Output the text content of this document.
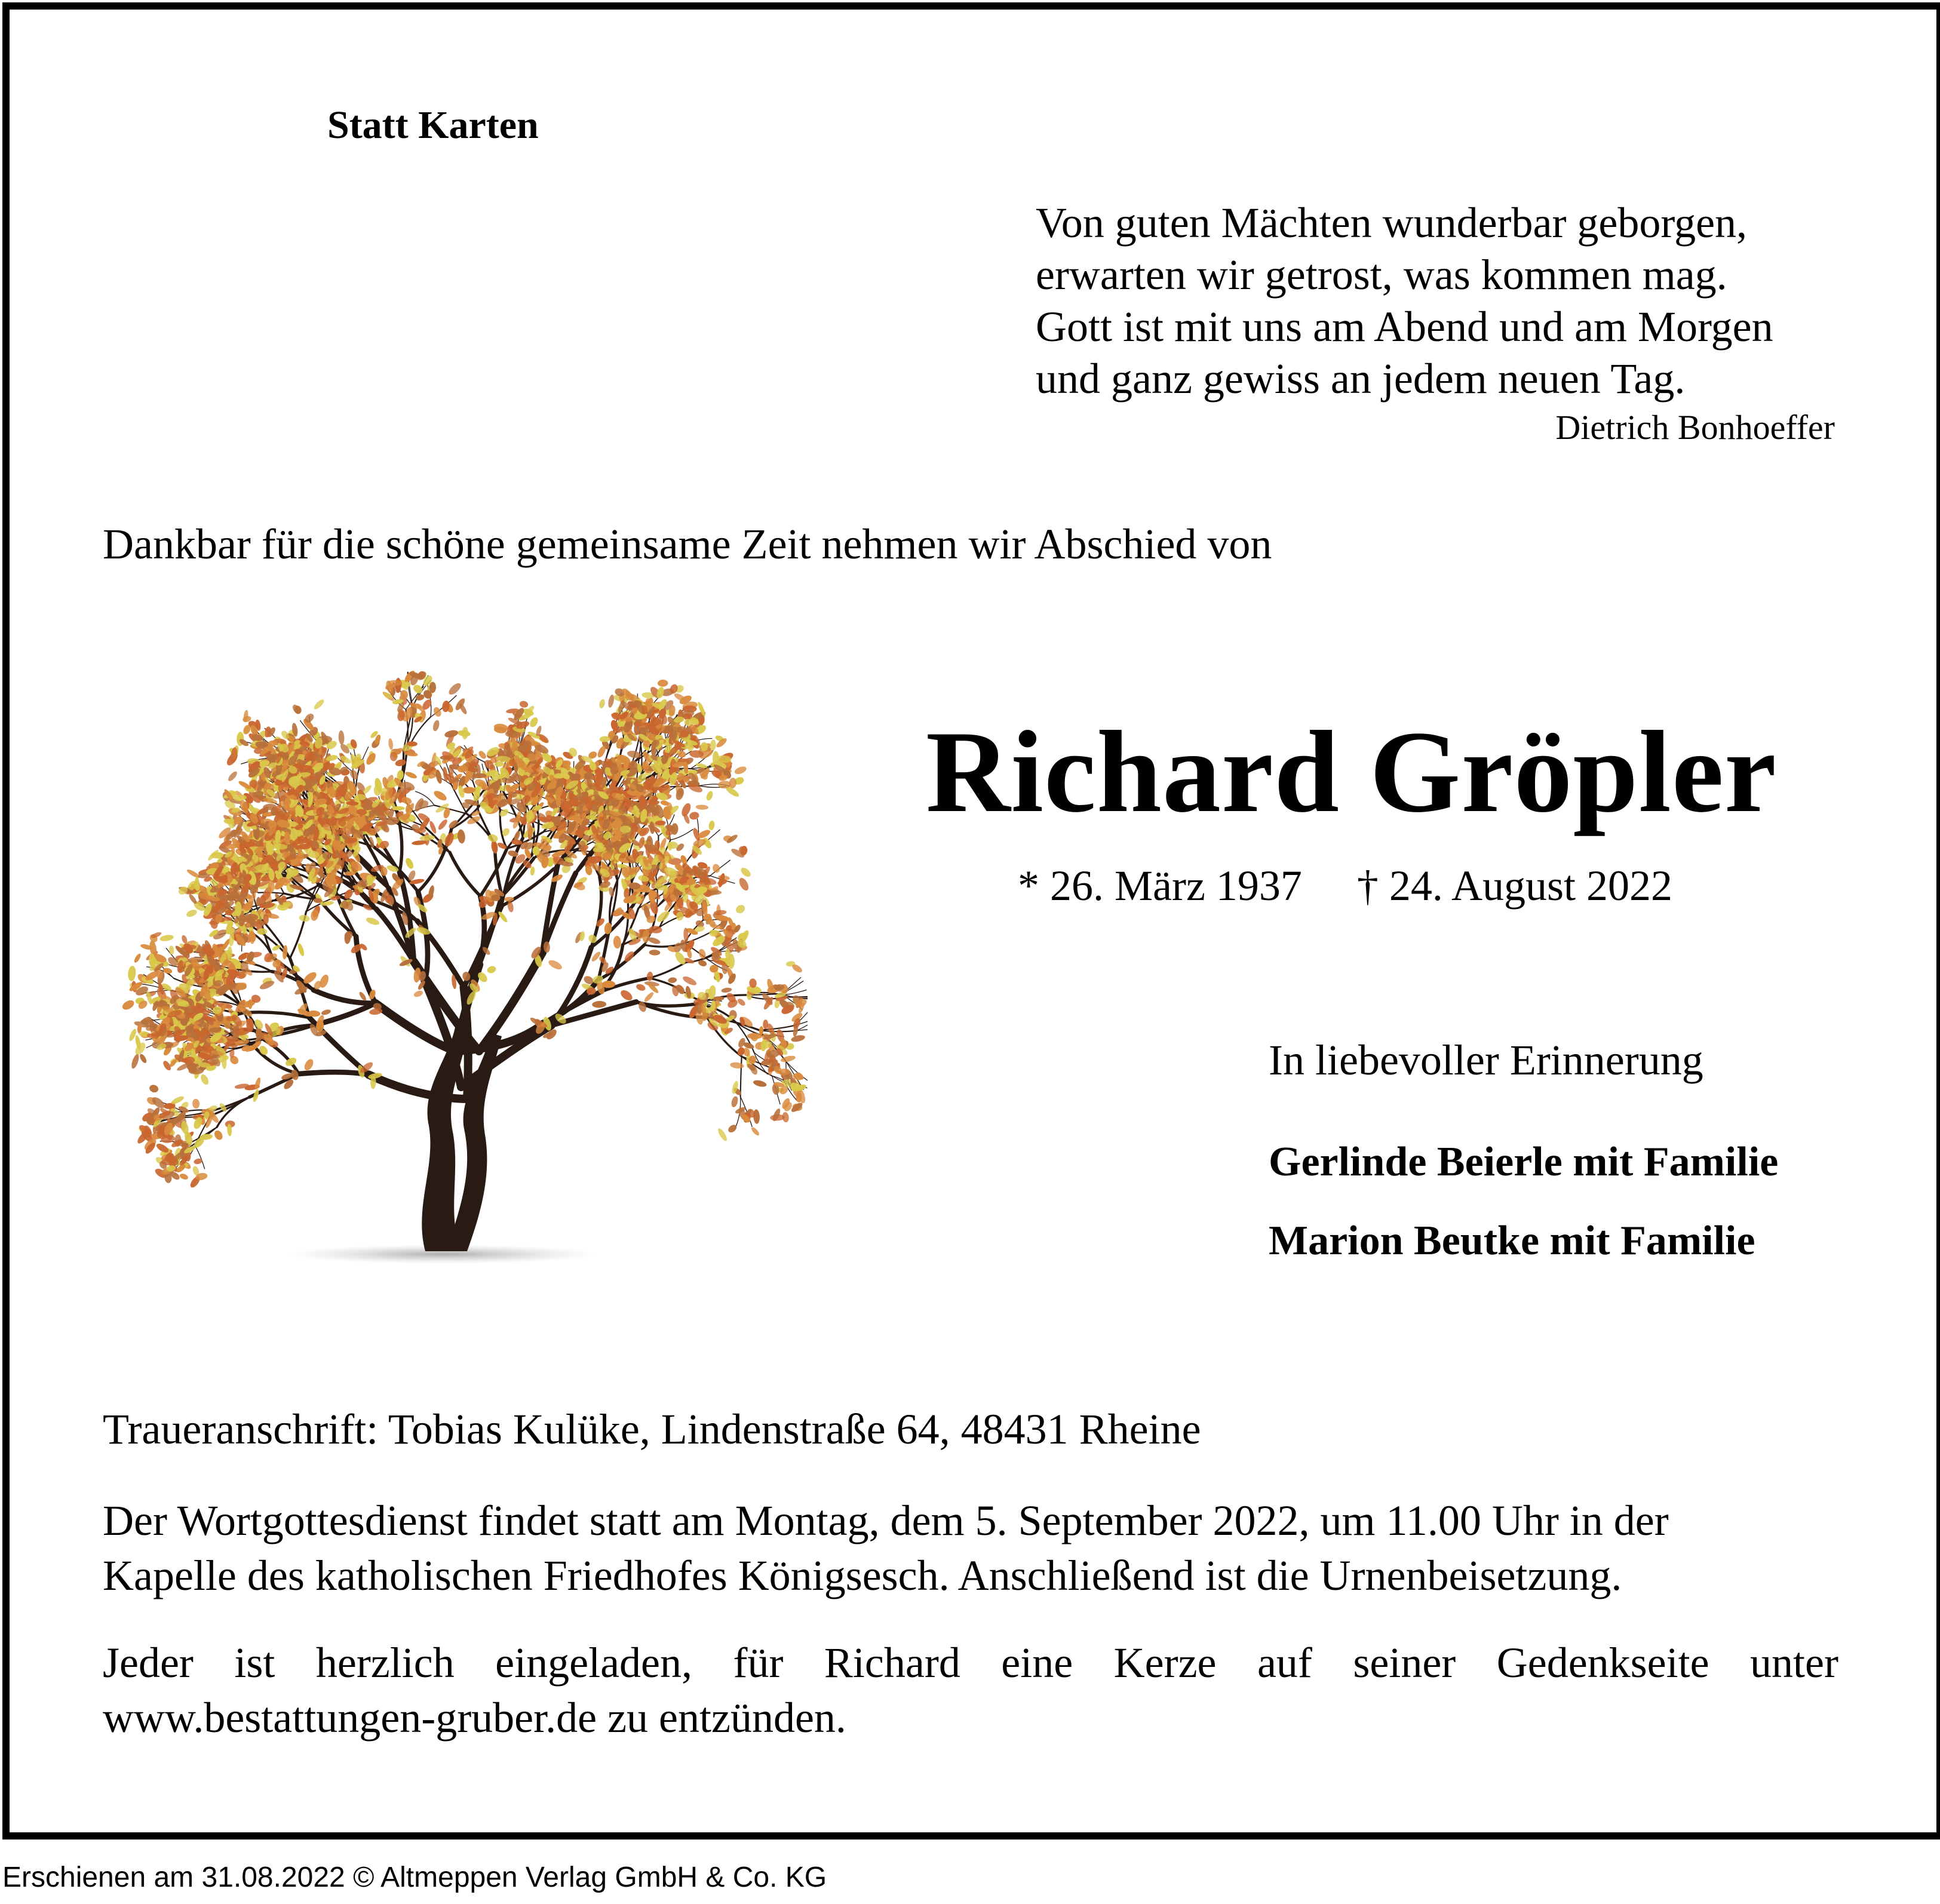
Statt Karten
Von guten Mächten wunderbar geborgen,
erwarten wir getrost, was kommen mag.
Gott ist mit uns am Abend und am Morgen
und ganz gewiss an jedem neuen Tag.
Dietrich Bonhoeffer
Dankbar für die schöne gemeinsame Zeit nehmen wir Abschied von
Richard Gröpler
* 26. März 1937 † 24. August 2022
In liebevoller Erinnerung
Gerlinde Beierle mit Familie
Marion Beutke mit Familie
Traueranschrift: Tobias Kulüke, Lindenstraße 64, 48431 Rheine
Der Wortgottesdienst findet statt am Montag, dem 5. September 2022, um 11.00 Uhr in der
Kapelle des katholischen Friedhofes Königsesch. Anschließend ist die Urnenbeisetzung.
Jeder ist herzlich eingeladen, für Richard eine Kerze auf seiner Gedenkseite unter
www.bestattungen-gruber.de zu entzünden.
Erschienen am 31.08.2022 © Altmeppen Verlag GmbH & Co. KG
